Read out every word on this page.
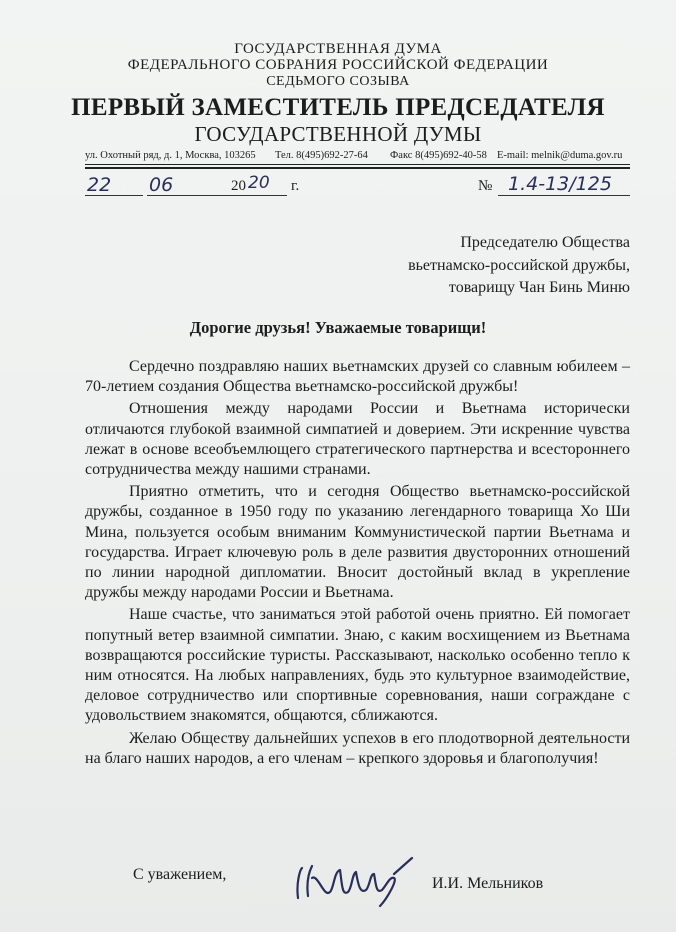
ГОСУДАРСТВЕННАЯ ДУМА
ФЕДЕРАЛЬНОГО СОБРАНИЯ РОССИЙСКОЙ ФЕДЕРАЦИИ
СЕДЬМОГО СОЗЫВА
ПЕРВЫЙ ЗАМЕСТИТЕЛЬ ПРЕДСЕДАТЕЛЯ
ГОСУДАРСТВЕННОЙ ДУМЫ
ул. Охотный ряд, д. 1, Москва, 103265 Тел. 8(495)692-27-64 Факс 8(495)692-40-58 E-mail: melnik@duma.gov.ru
22 06	20 20 г.	№ 1.4-13/125
Председателю Общества
вьетнамско-российской дружбы,
товарищу Чан Бинь Миню
Дорогие друзья! Уважаемые товарищи!

Сердечно поздравляю наших вьетнамских друзей со славным юбилеем – 70-летием создания Общества вьетнамско-российской дружбы!

Отношения между народами России и Вьетнама исторически отличаются глубокой взаимной симпатией и доверием. Эти искренние чувства лежат в основе всеобъемлющего стратегического партнерства и всестороннего сотрудничества между нашими странами.

Приятно отметить, что и сегодня Общество вьетнамско-российской дружбы, созданное в 1950 году по указанию легендарного товарища Хо Ши Мина, пользуется особым вниманим Коммунистической партии Вьетнама и государства. Играет ключевую роль в деле развития двусторонних отношений по линии народной дипломатии. Вносит достойный вклад в укрепление дружбы между народами России и Вьетнама.

Наше счастье, что заниматься этой работой очень приятно. Ей помогает попутный ветер взаимной симпатии. Знаю, с каким восхищением из Вьетнама возвращаются российские туристы. Рассказывают, насколько особенно тепло к ним относятся. На любых направлениях, будь это культурное взаимодействие, деловое сотрудничество или спортивные соревнования, наши сограждане с удовольствием знакомятся, общаются, сближаются.

Желаю Обществу дальнейших успехов в его плодотворной деятельности на благо наших народов, а его членам – крепкого здоровья и благополучия!

С уважением,
И.И. Мельников
